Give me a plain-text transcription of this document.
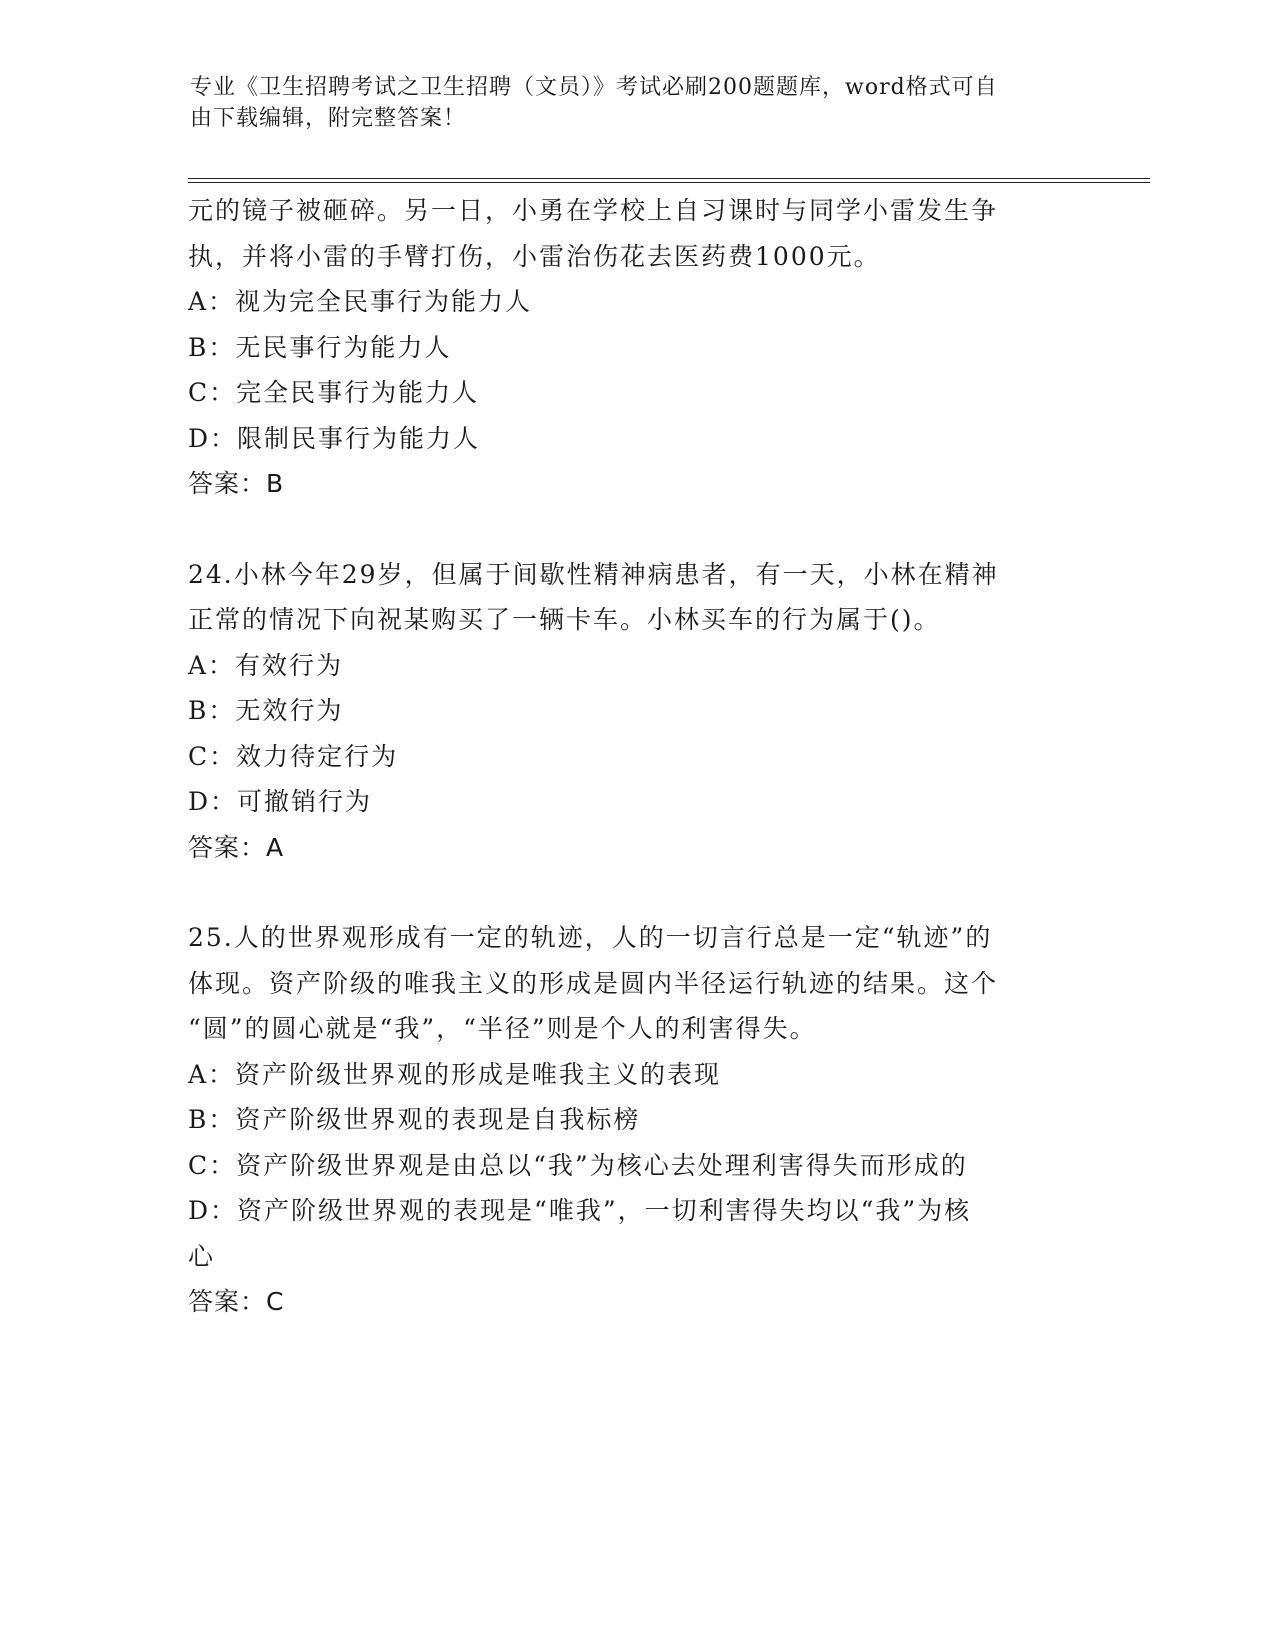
专业《卫生招聘考试之卫生招聘（文员）》考试必刷200题题库，word格式可自
由下载编辑，附完整答案！
元的镜子被砸碎。另一日，小勇在学校上自习课时与同学小雷发生争
执，并将小雷的手臂打伤，小雷治伤花去医药费1000元。
A：视为完全民事行为能力人
B：无民事行为能力人
C：完全民事行为能力人
D：限制民事行为能力人
答案：B
24.小林今年29岁，但属于间歇性精神病患者，有一天，小林在精神
正常的情况下向祝某购买了一辆卡车。小林买车的行为属于()。
A：有效行为
B：无效行为
C：效力待定行为
D：可撤销行为
答案：A
25.人的世界观形成有一定的轨迹，人的一切言行总是一定“轨迹”的
体现。资产阶级的唯我主义的形成是圆内半径运行轨迹的结果。这个
“圆”的圆心就是“我”，“半径”则是个人的利害得失。
A：资产阶级世界观的形成是唯我主义的表现
B：资产阶级世界观的表现是自我标榜
C：资产阶级世界观是由总以“我”为核心去处理利害得失而形成的
D：资产阶级世界观的表现是“唯我”，一切利害得失均以“我”为核
心
答案：C
